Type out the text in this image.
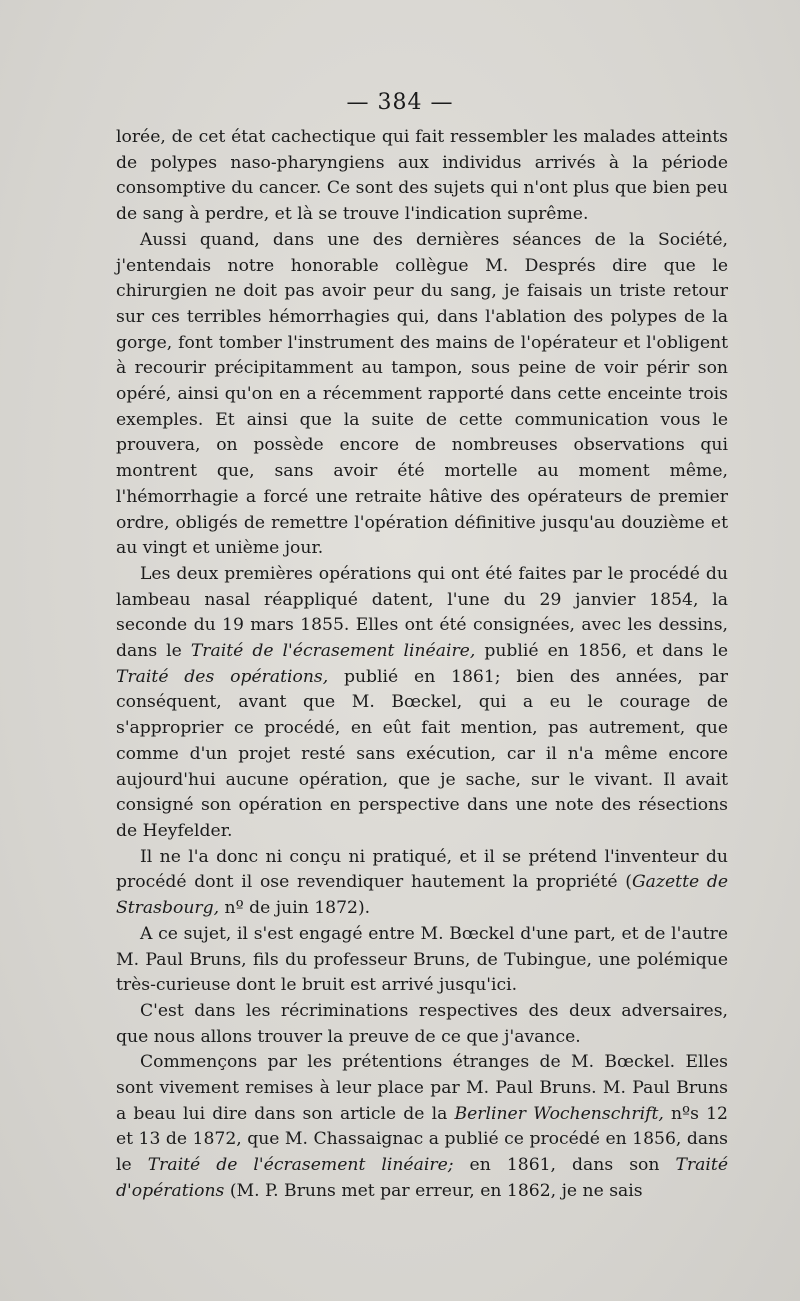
— 384 —

lorée, de cet état cachectique qui fait ressembler les malades atteints de polypes naso-pharyngiens aux individus arrivés à la période consomptive du cancer. Ce sont des sujets qui n'ont plus que bien peu de sang à perdre, et là se trouve l'indication suprême.

Aussi quand, dans une des dernières séances de la Société, j'entendais notre honorable collègue M. Després dire que le chirurgien ne doit pas avoir peur du sang, je faisais un triste retour sur ces terribles hémorrhagies qui, dans l'ablation des polypes de la gorge, font tomber l'instrument des mains de l'opérateur et l'obligent à recourir précipitamment au tampon, sous peine de voir périr son opéré, ainsi qu'on en a récemment rapporté dans cette enceinte trois exemples. Et ainsi que la suite de cette communication vous le prouvera, on possède encore de nombreuses observations qui montrent que, sans avoir été mortelle au moment même, l'hémorrhagie a forcé une retraite hâtive des opérateurs de premier ordre, obligés de remettre l'opération définitive jusqu'au douzième et au vingt et unième jour.

Les deux premières opérations qui ont été faites par le procédé du lambeau nasal réappliqué datent, l'une du 29 janvier 1854, la seconde du 19 mars 1855. Elles ont été consignées, avec les dessins, dans le Traité de l'écrasement linéaire, publié en 1856, et dans le Traité des opérations, publié en 1861; bien des années, par conséquent, avant que M. Bœckel, qui a eu le courage de s'approprier ce procédé, en eût fait mention, pas autrement, que comme d'un projet resté sans exécution, car il n'a même encore aujourd'hui aucune opération, que je sache, sur le vivant. Il avait consigné son opération en perspective dans une note des résections de Heyfelder.

Il ne l'a donc ni conçu ni pratiqué, et il se prétend l'inventeur du procédé dont il ose revendiquer hautement la propriété (Gazette de Strasbourg, nº de juin 1872).

A ce sujet, il s'est engagé entre M. Bœckel d'une part, et de l'autre M. Paul Bruns, fils du professeur Bruns, de Tubingue, une polémique très-curieuse dont le bruit est arrivé jusqu'ici.

C'est dans les récriminations respectives des deux adversaires, que nous allons trouver la preuve de ce que j'avance.

Commençons par les prétentions étranges de M. Bœckel. Elles sont vivement remises à leur place par M. Paul Bruns. M. Paul Bruns a beau lui dire dans son article de la Berliner Wochenschrift, nºs 12 et 13 de 1872, que M. Chassaignac a publié ce procédé en 1856, dans le Traité de l'écrasement linéaire; en 1861, dans son Traité d'opérations (M. P. Bruns met par erreur, en 1862, je ne sais
